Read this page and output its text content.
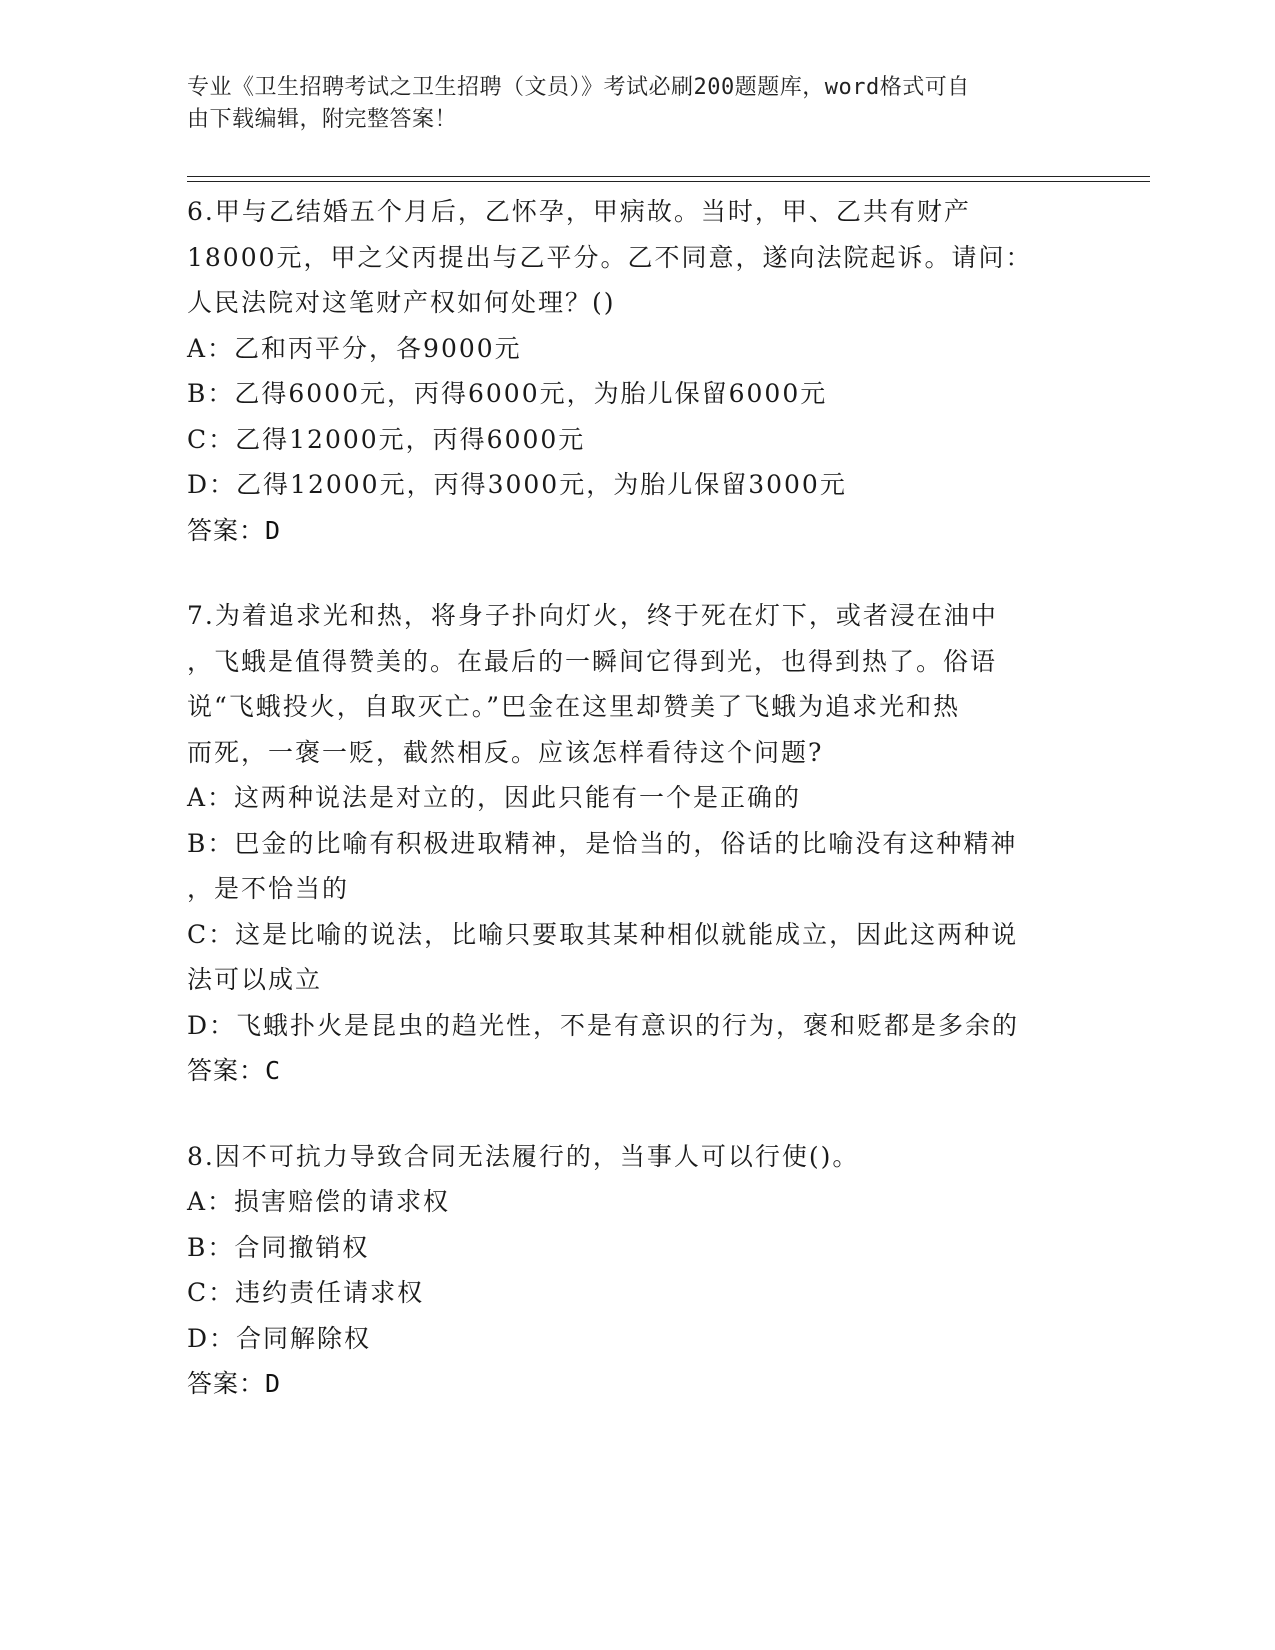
专业《卫生招聘考试之卫生招聘（文员）》考试必刷200题题库，word格式可自
由下载编辑，附完整答案！
6.甲与乙结婚五个月后，乙怀孕，甲病故。当时，甲、乙共有财产
18000元，甲之父丙提出与乙平分。乙不同意，遂向法院起诉。请问：
人民法院对这笔财产权如何处理？()
A：乙和丙平分，各9000元
B：乙得6000元，丙得6000元，为胎儿保留6000元
C：乙得12000元，丙得6000元
D：乙得12000元，丙得3000元，为胎儿保留3000元
答案：D
7.为着追求光和热，将身子扑向灯火，终于死在灯下，或者浸在油中
，飞蛾是值得赞美的。在最后的一瞬间它得到光，也得到热了。俗语
说“飞蛾投火，自取灭亡。”巴金在这里却赞美了飞蛾为追求光和热
而死，一褒一贬，截然相反。应该怎样看待这个问题?
A：这两种说法是对立的，因此只能有一个是正确的
B：巴金的比喻有积极进取精神，是恰当的，俗话的比喻没有这种精神
，是不恰当的
C：这是比喻的说法，比喻只要取其某种相似就能成立，因此这两种说
法可以成立
D：飞蛾扑火是昆虫的趋光性，不是有意识的行为，褒和贬都是多余的
答案：C
8.因不可抗力导致合同无法履行的，当事人可以行使()。
A：损害赔偿的请求权
B：合同撤销权
C：违约责任请求权
D：合同解除权
答案：D
